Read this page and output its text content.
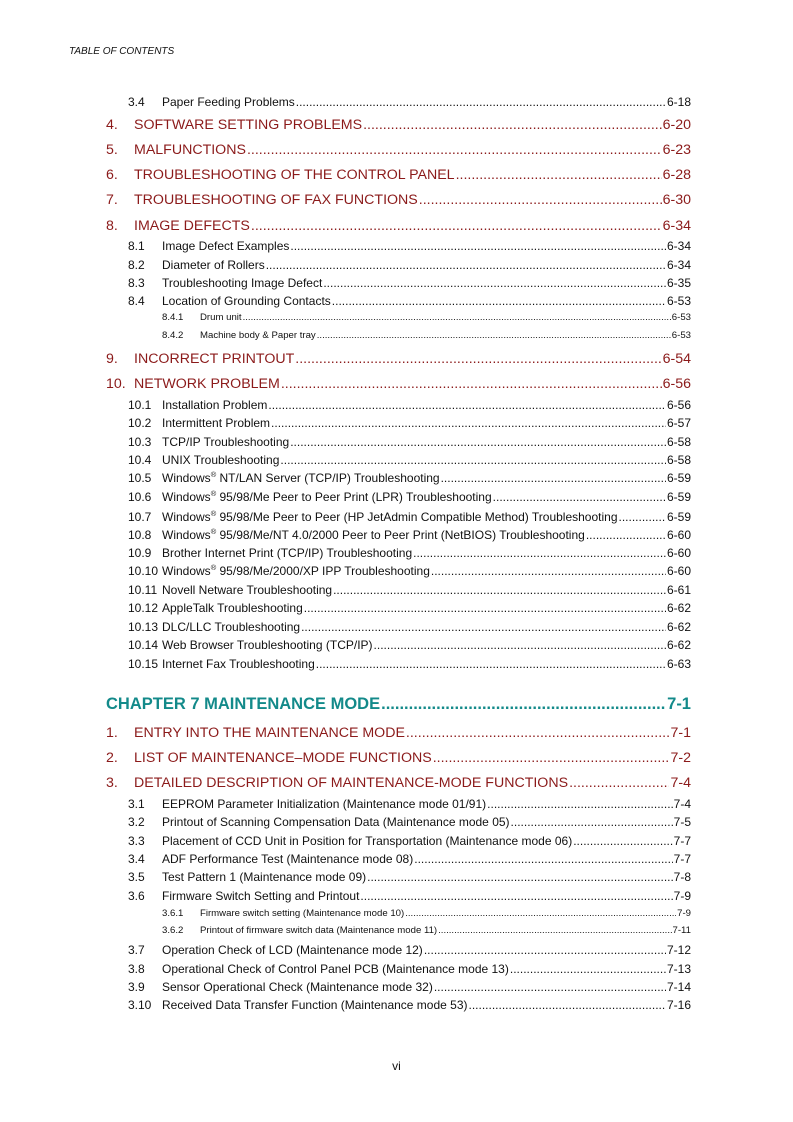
TABLE OF CONTENTS
3.4	Paper Feeding Problems .....	6-18
4.	SOFTWARE SETTING PROBLEMS .....	6-20
5.	MALFUNCTIONS .....	6-23
6.	TROUBLESHOOTING OF THE CONTROL PANEL .....	6-28
7.	TROUBLESHOOTING OF FAX FUNCTIONS .....	6-30
8.	IMAGE DEFECTS .....	6-34
8.1	Image Defect Examples .....	6-34
8.2	Diameter of Rollers .....	6-34
8.3	Troubleshooting Image Defect .....	6-35
8.4	Location of Grounding Contacts .....	6-53
8.4.1	Drum unit .....	6-53
8.4.2	Machine body & Paper tray .....	6-53
9.	INCORRECT PRINTOUT .....	6-54
10. NETWORK PROBLEM .....	6-56
10.1 Installation Problem .....	6-56
10.2 Intermittent Problem .....	6-57
10.3 TCP/IP Troubleshooting .....	6-58
10.4 UNIX Troubleshooting .....	6-58
10.5 Windows® NT/LAN Server (TCP/IP) Troubleshooting .....	6-59
10.6 Windows® 95/98/Me Peer to Peer Print (LPR) Troubleshooting .....	6-59
10.7 Windows® 95/98/Me Peer to Peer (HP JetAdmin Compatible Method) Troubleshooting .....	6-59
10.8 Windows® 95/98/Me/NT 4.0/2000 Peer to Peer Print (NetBIOS) Troubleshooting .....	6-60
10.9 Brother Internet Print (TCP/IP) Troubleshooting .....	6-60
10.10 Windows® 95/98/Me/2000/XP IPP Troubleshooting .....	6-60
10.11 Novell Netware Troubleshooting .....	6-61
10.12 AppleTalk Troubleshooting .....	6-62
10.13 DLC/LLC Troubleshooting .....	6-62
10.14 Web Browser Troubleshooting (TCP/IP) .....	6-62
10.15 Internet Fax Troubleshooting .....	6-63
CHAPTER 7 MAINTENANCE MODE .....	7-1
1.	ENTRY INTO THE MAINTENANCE MODE .....	7-1
2.	LIST OF MAINTENANCE–MODE FUNCTIONS .....	7-2
3.	DETAILED DESCRIPTION OF MAINTENANCE-MODE FUNCTIONS .....	7-4
3.1	EEPROM Parameter Initialization (Maintenance mode 01/91) .....	7-4
3.2	Printout of Scanning Compensation Data (Maintenance mode 05) .....	7-5
3.3	Placement of CCD Unit in Position for Transportation (Maintenance mode 06) .....	7-7
3.4	ADF Performance Test (Maintenance mode 08) .....	7-7
3.5	Test Pattern 1 (Maintenance mode 09) .....	7-8
3.6	Firmware Switch Setting and Printout .....	7-9
3.6.1	Firmware switch setting (Maintenance mode 10) .....	7-9
3.6.2	Printout of firmware switch data (Maintenance mode 11) .....	7-11
3.7	Operation Check of LCD (Maintenance mode 12) .....	7-12
3.8	Operational Check of Control Panel PCB (Maintenance mode 13) .....	7-13
3.9	Sensor Operational Check (Maintenance mode 32) .....	7-14
3.10 Received Data Transfer Function (Maintenance mode 53) .....	7-16
vi
